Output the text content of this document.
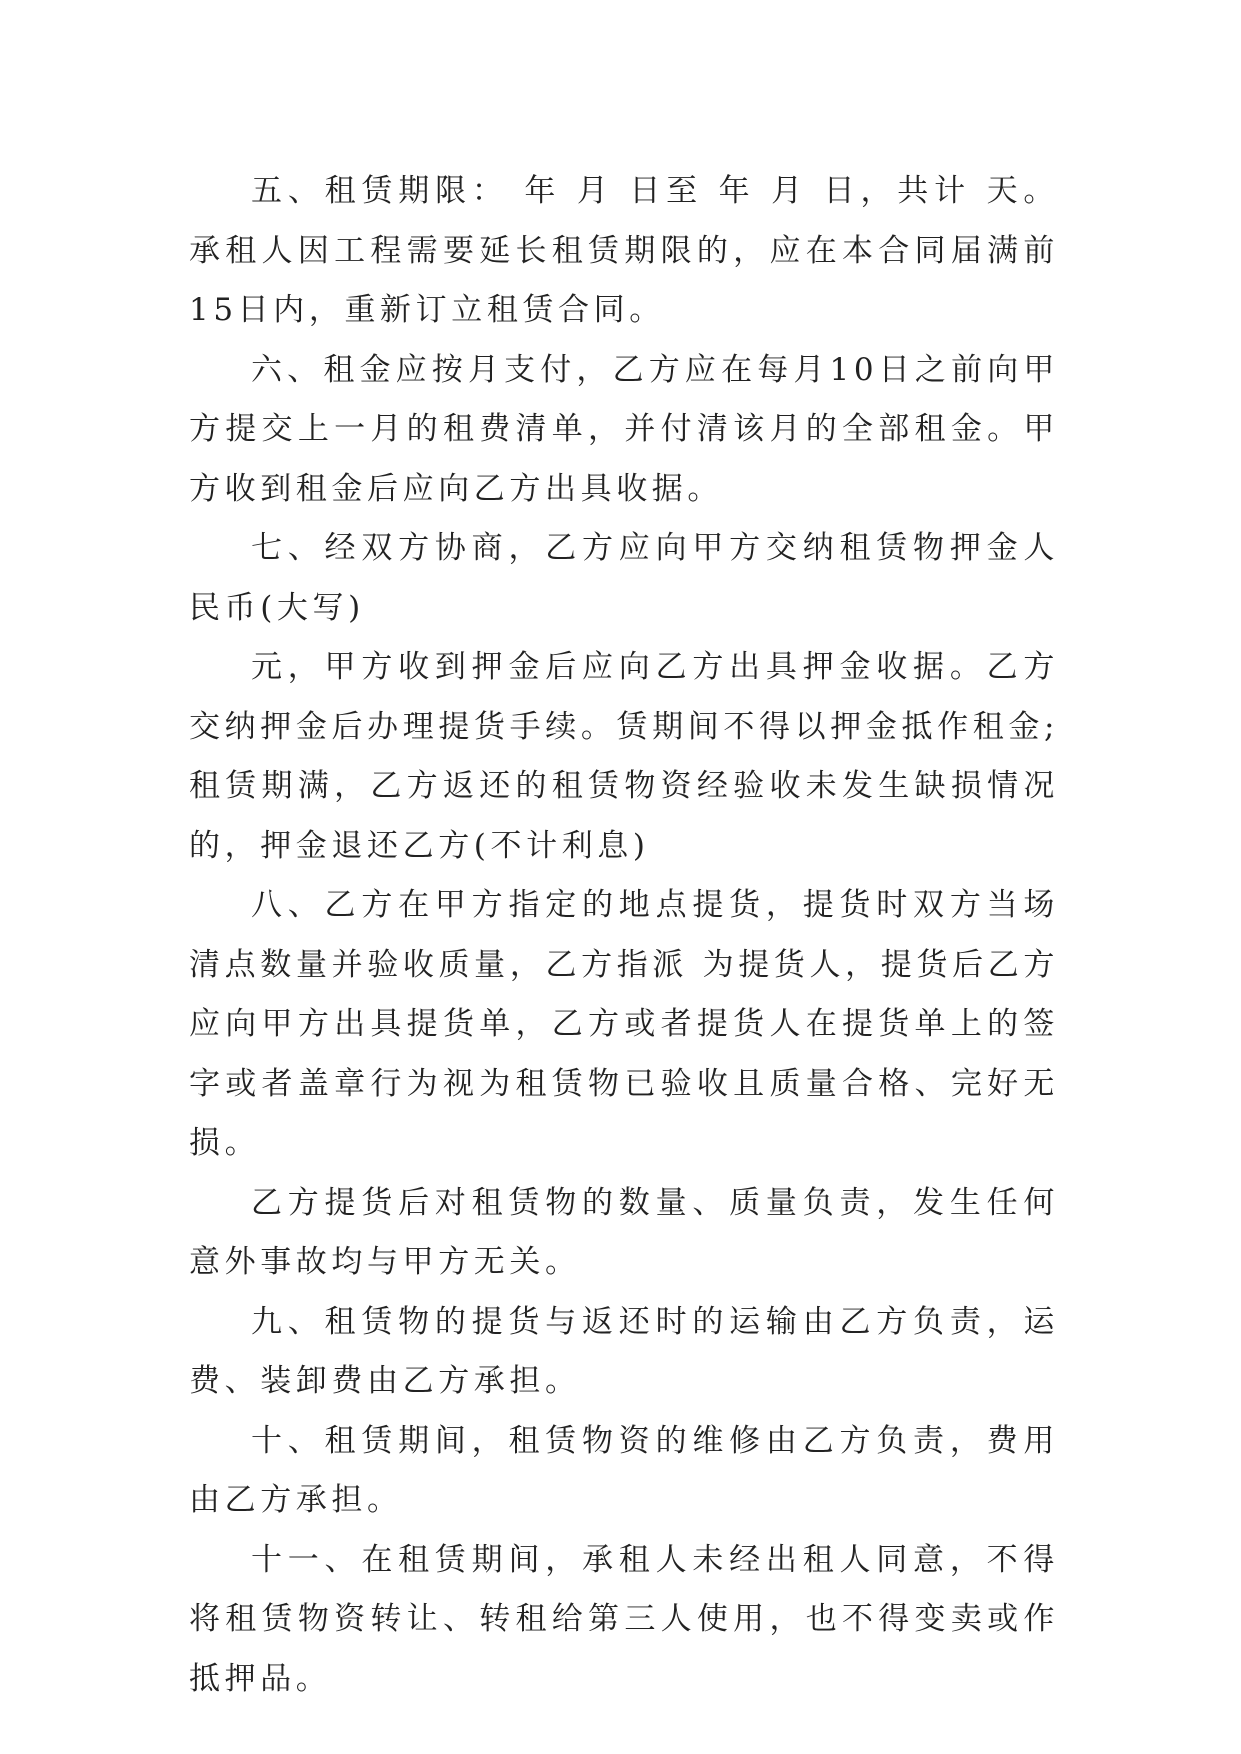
五、租赁期限： 年 月 日至 年 月 日，共计 天。承租人因工程需要延长租赁期限的，应在本合同届满前15日内，重新订立租赁合同。

六、租金应按月支付，乙方应在每月10日之前向甲方提交上一月的租费清单，并付清该月的全部租金。甲方收到租金后应向乙方出具收据。

七、经双方协商，乙方应向甲方交纳租赁物押金人民币(大写)

元，甲方收到押金后应向乙方出具押金收据。乙方交纳押金后办理提货手续。赁期间不得以押金抵作租金;租赁期满，乙方返还的租赁物资经验收未发生缺损情况的，押金退还乙方(不计利息)

八、乙方在甲方指定的地点提货，提货时双方当场清点数量并验收质量，乙方指派 为提货人，提货后乙方应向甲方出具提货单，乙方或者提货人在提货单上的签字或者盖章行为视为租赁物已验收且质量合格、完好无损。

乙方提货后对租赁物的数量、质量负责，发生任何意外事故均与甲方无关。

九、租赁物的提货与返还时的运输由乙方负责，运费、装卸费由乙方承担。

十、租赁期间，租赁物资的维修由乙方负责，费用由乙方承担。

十一、在租赁期间，承租人未经出租人同意，不得将租赁物资转让、转租给第三人使用，也不得变卖或作抵押品。
